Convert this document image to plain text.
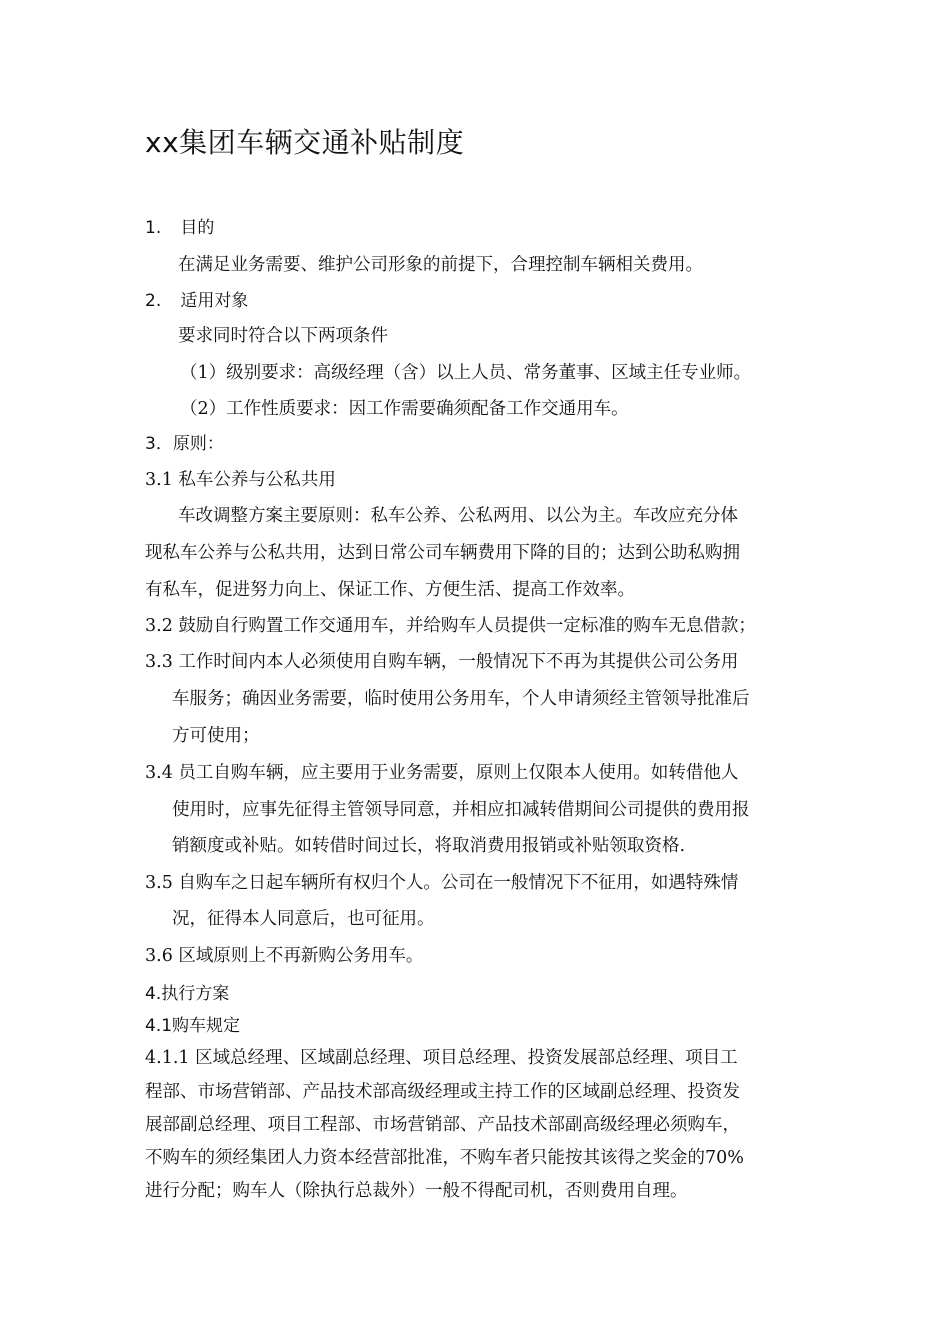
xx集团车辆交通补贴制度
1. 目的
在满足业务需要、维护公司形象的前提下，合理控制车辆相关费用。
2. 适用对象
要求同时符合以下两项条件
（1）级别要求：高级经理（含）以上人员、常务董事、区域主任专业师。
（2）工作性质要求：因工作需要确须配备工作交通用车。
3．原则：
3.1 私车公养与公私共用
车改调整方案主要原则：私车公养、公私两用、以公为主。车改应充分体
现私车公养与公私共用，达到日常公司车辆费用下降的目的；达到公助私购拥
有私车，促进努力向上、保证工作、方便生活、提高工作效率。
3.2 鼓励自行购置工作交通用车，并给购车人员提供一定标准的购车无息借款；
3.3 工作时间内本人必须使用自购车辆，一般情况下不再为其提供公司公务用
车服务；确因业务需要，临时使用公务用车，个人申请须经主管领导批准后
方可使用；
3.4 员工自购车辆，应主要用于业务需要，原则上仅限本人使用。如转借他人
使用时，应事先征得主管领导同意，并相应扣减转借期间公司提供的费用报
销额度或补贴。如转借时间过长，将取消费用报销或补贴领取资格.
3.5 自购车之日起车辆所有权归个人。公司在一般情况下不征用，如遇特殊情
况，征得本人同意后，也可征用。
3.6 区域原则上不再新购公务用车。
4.执行方案
4.1购车规定
4.1.1 区域总经理、区域副总经理、项目总经理、投资发展部总经理、项目工
程部、市场营销部、产品技术部高级经理或主持工作的区域副总经理、投资发
展部副总经理、项目工程部、市场营销部、产品技术部副高级经理必须购车，
不购车的须经集团人力资本经营部批准，不购车者只能按其该得之奖金的70%
进行分配；购车人（除执行总裁外）一般不得配司机，否则费用自理。
